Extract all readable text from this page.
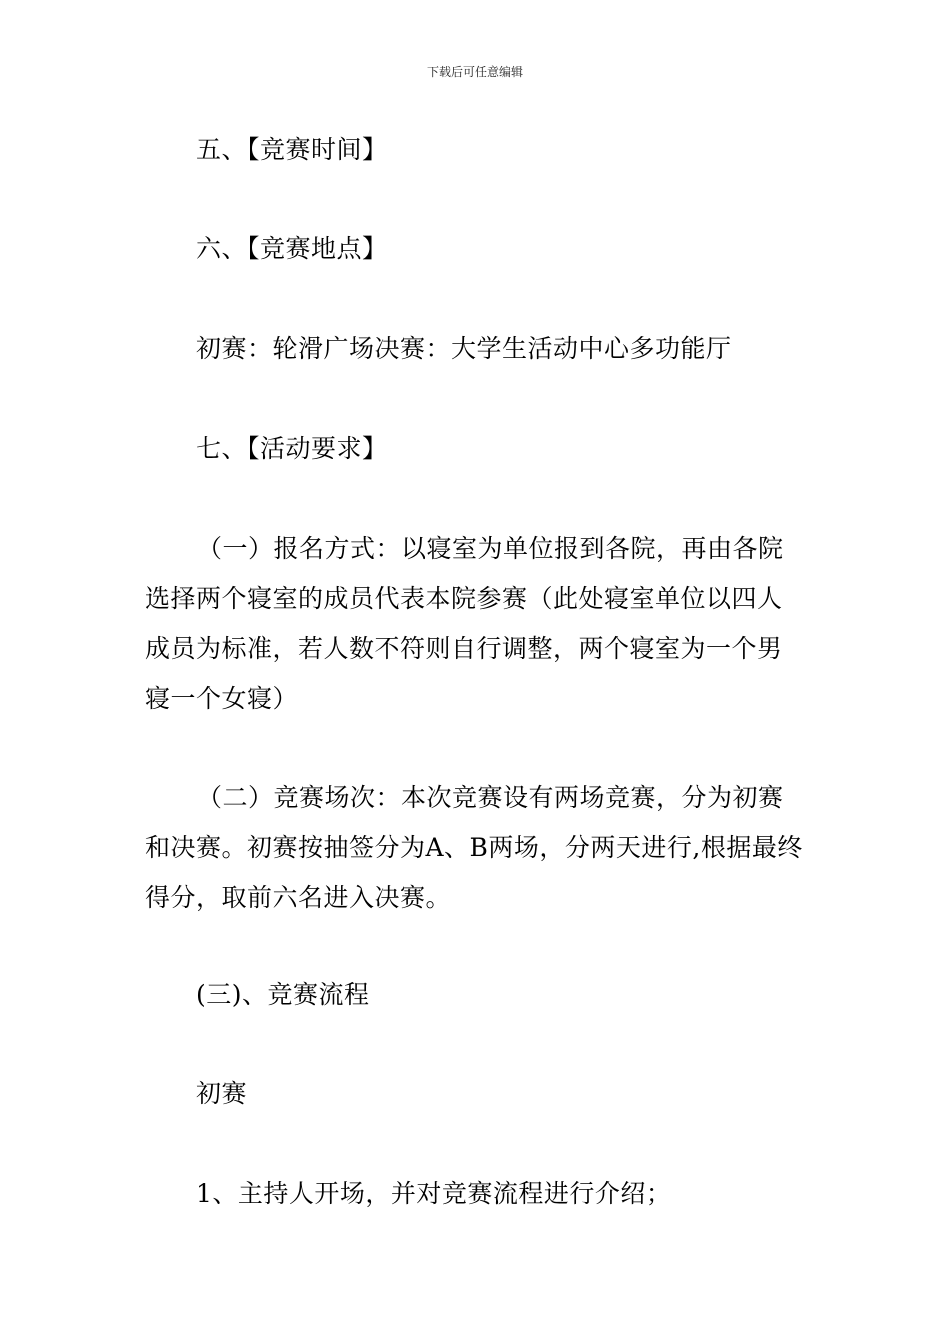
下载后可任意编辑
五、【竞赛时间】
六、【竞赛地点】
初赛：轮滑广场决赛：大学生活动中心多功能厅
七、【活动要求】
（一）报名方式：以寝室为单位报到各院，再由各院
选择两个寝室的成员代表本院参赛（此处寝室单位以四人
成员为标准，若人数不符则自行调整，两个寝室为一个男
寝一个女寝）
（二）竞赛场次：本次竞赛设有两场竞赛，分为初赛
和决赛。初赛按抽签分为A、B两场，分两天进行,根据最终
得分，取前六名进入决赛。
(三)、竞赛流程
初赛
1、主持人开场，并对竞赛流程进行介绍；
